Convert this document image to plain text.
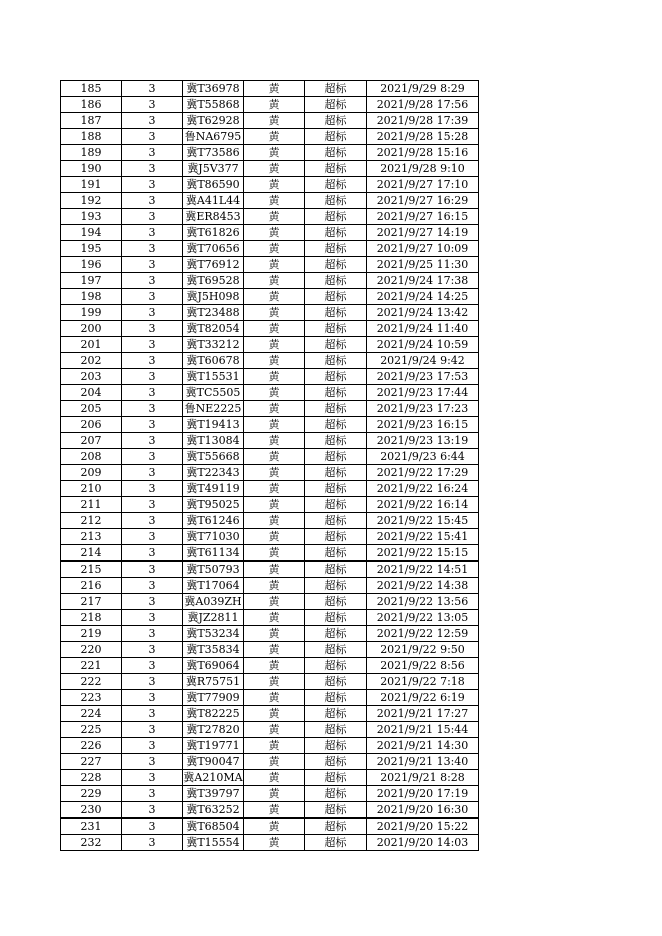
185	3	冀T36978	黄	超标	2021/9/29 8:29
186	3	冀T55868	黄	超标	2021/9/28 17:56
187	3	冀T62928	黄	超标	2021/9/28 17:39
188	3	鲁NA6795	黄	超标	2021/9/28 15:28
189	3	冀T73586	黄	超标	2021/9/28 15:16
190	3	冀J5V377	黄	超标	2021/9/28 9:10
191	3	冀T86590	黄	超标	2021/9/27 17:10
192	3	冀A41L44	黄	超标	2021/9/27 16:29
193	3	冀ER8453	黄	超标	2021/9/27 16:15
194	3	冀T61826	黄	超标	2021/9/27 14:19
195	3	冀T70656	黄	超标	2021/9/27 10:09
196	3	冀T76912	黄	超标	2021/9/25 11:30
197	3	冀T69528	黄	超标	2021/9/24 17:38
198	3	冀J5H098	黄	超标	2021/9/24 14:25
199	3	冀T23488	黄	超标	2021/9/24 13:42
200	3	冀T82054	黄	超标	2021/9/24 11:40
201	3	冀T33212	黄	超标	2021/9/24 10:59
202	3	冀T60678	黄	超标	2021/9/24 9:42
203	3	冀T15531	黄	超标	2021/9/23 17:53
204	3	冀TC5505	黄	超标	2021/9/23 17:44
205	3	鲁NE2225	黄	超标	2021/9/23 17:23
206	3	冀T19413	黄	超标	2021/9/23 16:15
207	3	冀T13084	黄	超标	2021/9/23 13:19
208	3	冀T55668	黄	超标	2021/9/23 6:44
209	3	冀T22343	黄	超标	2021/9/22 17:29
210	3	冀T49119	黄	超标	2021/9/22 16:24
211	3	冀T95025	黄	超标	2021/9/22 16:14
212	3	冀T61246	黄	超标	2021/9/22 15:45
213	3	冀T71030	黄	超标	2021/9/22 15:41
214	3	冀T61134	黄	超标	2021/9/22 15:15
215	3	冀T50793	黄	超标	2021/9/22 14:51
216	3	冀T17064	黄	超标	2021/9/22 14:38
217	3	冀A039ZH	黄	超标	2021/9/22 13:56
218	3	冀JZ2811	黄	超标	2021/9/22 13:05
219	3	冀T53234	黄	超标	2021/9/22 12:59
220	3	冀T35834	黄	超标	2021/9/22 9:50
221	3	冀T69064	黄	超标	2021/9/22 8:56
222	3	冀R75751	黄	超标	2021/9/22 7:18
223	3	冀T77909	黄	超标	2021/9/22 6:19
224	3	冀T82225	黄	超标	2021/9/21 17:27
225	3	冀T27820	黄	超标	2021/9/21 15:44
226	3	冀T19771	黄	超标	2021/9/21 14:30
227	3	冀T90047	黄	超标	2021/9/21 13:40
228	3	冀A210MA	黄	超标	2021/9/21 8:28
229	3	冀T39797	黄	超标	2021/9/20 17:19
230	3	冀T63252	黄	超标	2021/9/20 16:30
231	3	冀T68504	黄	超标	2021/9/20 15:22
232	3	冀T15554	黄	超标	2021/9/20 14:03
